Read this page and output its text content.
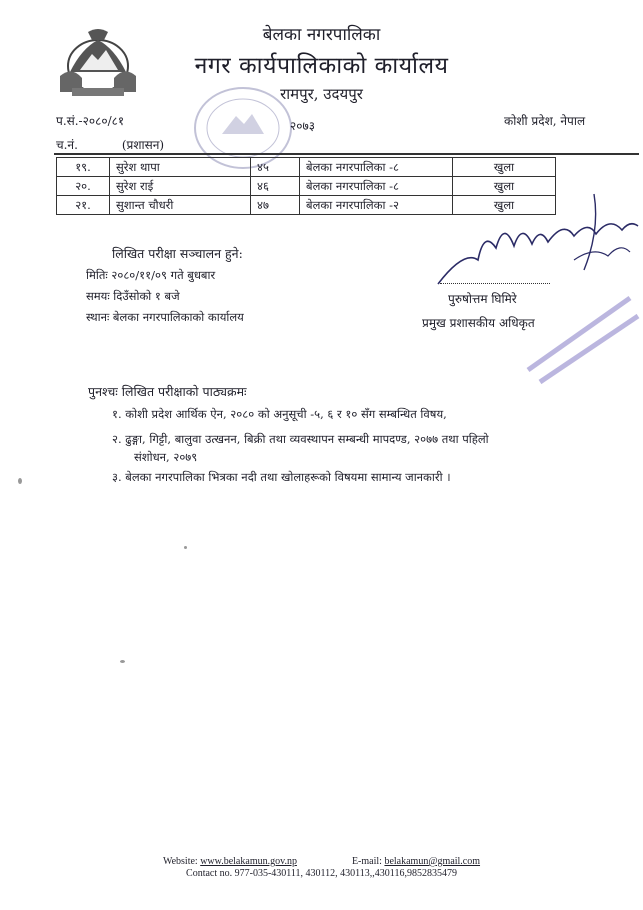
बेलका नगरपालिका
नगर कार्यपालिकाको कार्यालय
रामपुर, उदयपुर
प.सं.-२०८०/८१	२०७३	कोशी प्रदेश, नेपाल
च.नं.	(प्रशासन)
१९.	सुरेश थापा	४५	बेलका नगरपालिका -८	खुला
२०.	सुरेश राई	४६	बेलका नगरपालिका -८	खुला
२१.	सुशान्त चौधरी	४७	बेलका नगरपालिका -२	खुला
लिखित परीक्षा सञ्चालन हुने:
मितिः २०८०/११/०९ गते बुधबार
समयः दिउँसोको १ बजे
स्थानः बेलका नगरपालिकाको कार्यालय
पुरुषोत्तम घिमिरे
प्रमुख प्रशासकीय अधिकृत
पुनश्चः लिखित परीक्षाको पाठ्यक्रमः
१. कोशी प्रदेश आर्थिक ऐन, २०८० को अनुसूची -५, ६ र १० सँग सम्बन्धित विषय,
२. ढुङ्गा, गिट्टी, बालुवा उत्खनन, बिक्री तथा व्यवस्थापन सम्बन्धी मापदण्ड, २०७७ तथा पहिलो
संशोधन, २०७९
३. बेलका नगरपालिका भित्रका नदी तथा खोलाहरूको विषयमा सामान्य जानकारी ।
Website: www.belakamun.gov.np	E-mail: belakamun@gmail.com
Contact no. 977-035-430111, 430112, 430113,,430116,9852835479
